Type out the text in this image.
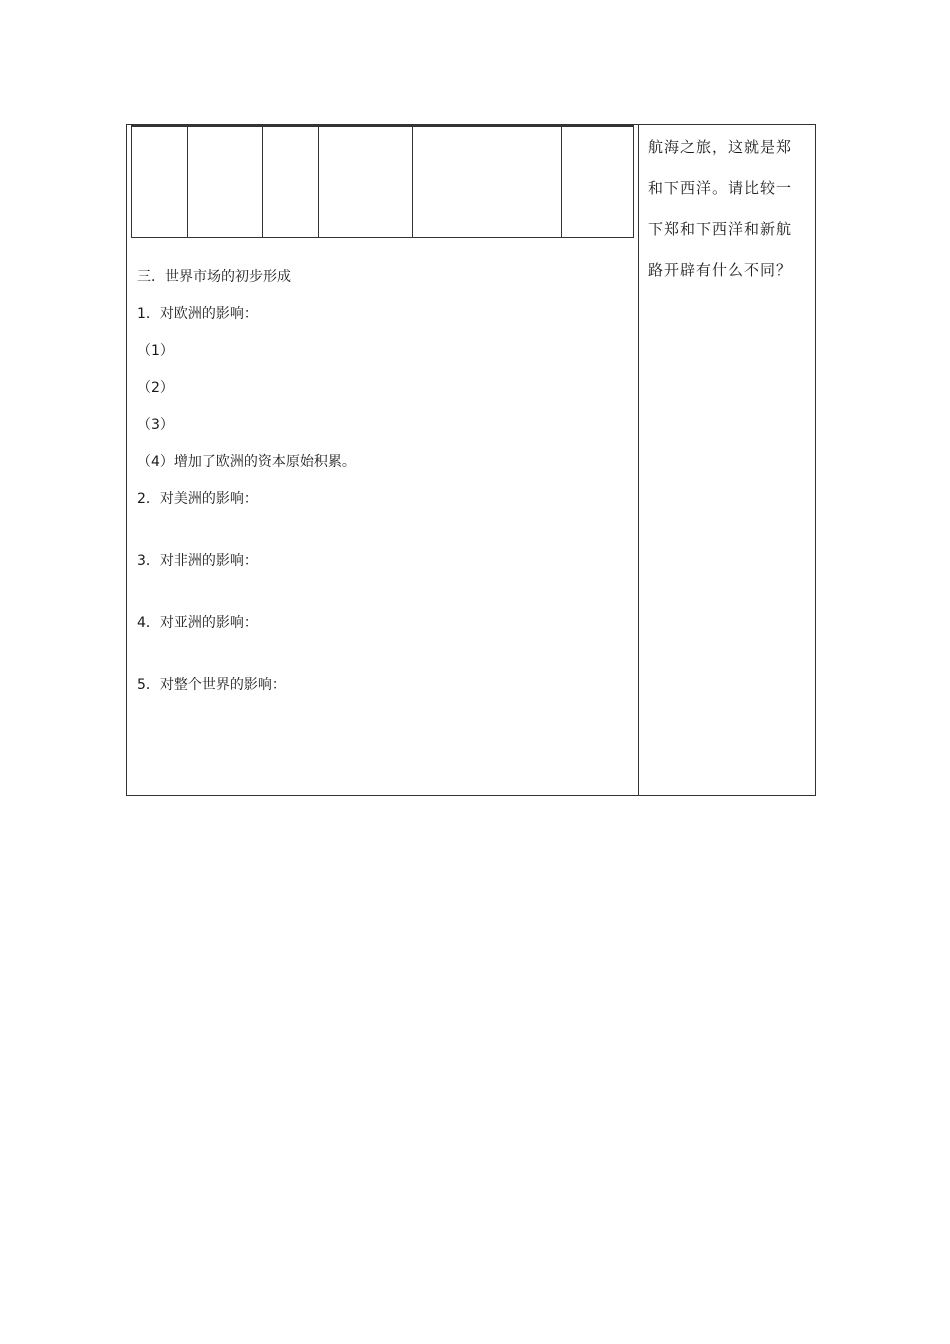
三．世界市场的初步形成
1．对欧洲的影响：
（1）
（2）
（3）
（4）增加了欧洲的资本原始积累。
2．对美洲的影响：
3．对非洲的影响：
4．对亚洲的影响：
5．对整个世界的影响：
航海之旅，这就是郑
和下西洋。请比较一
下郑和下西洋和新航
路开辟有什么不同？
